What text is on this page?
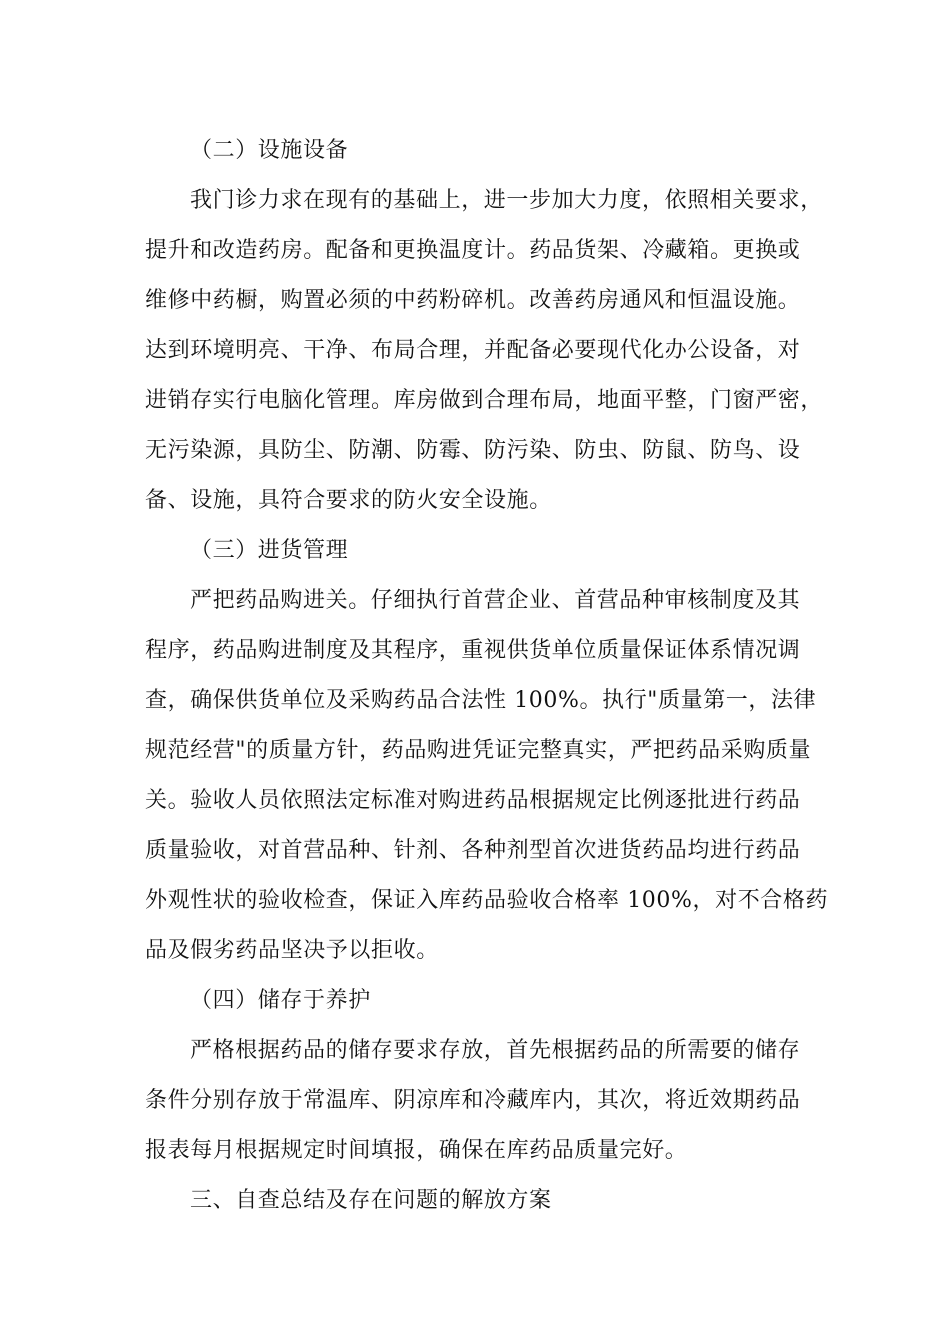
（二）设施设备
我门诊力求在现有的基础上，进一步加大力度，依照相关要求，
提升和改造药房。配备和更换温度计。药品货架、冷藏箱。更换或
维修中药橱，购置必须的中药粉碎机。改善药房通风和恒温设施。
达到环境明亮、干净、布局合理，并配备必要现代化办公设备，对
进销存实行电脑化管理。库房做到合理布局，地面平整，门窗严密，
无污染源，具防尘、防潮、防霉、防污染、防虫、防鼠、防鸟、设
备、设施，具符合要求的防火安全设施。
（三）进货管理
严把药品购进关。仔细执行首营企业、首营品种审核制度及其
程序，药品购进制度及其程序，重视供货单位质量保证体系情况调
查，确保供货单位及采购药品合法性 100%。执行"质量第一，法律
规范经营"的质量方针，药品购进凭证完整真实，严把药品采购质量
关。验收人员依照法定标准对购进药品根据规定比例逐批进行药品
质量验收，对首营品种、针剂、各种剂型首次进货药品均进行药品
外观性状的验收检查，保证入库药品验收合格率 100%，对不合格药
品及假劣药品坚决予以拒收。
（四）储存于养护
严格根据药品的储存要求存放，首先根据药品的所需要的储存
条件分别存放于常温库、阴凉库和冷藏库内，其次，将近效期药品
报表每月根据规定时间填报，确保在库药品质量完好。
三、自查总结及存在问题的解放方案
